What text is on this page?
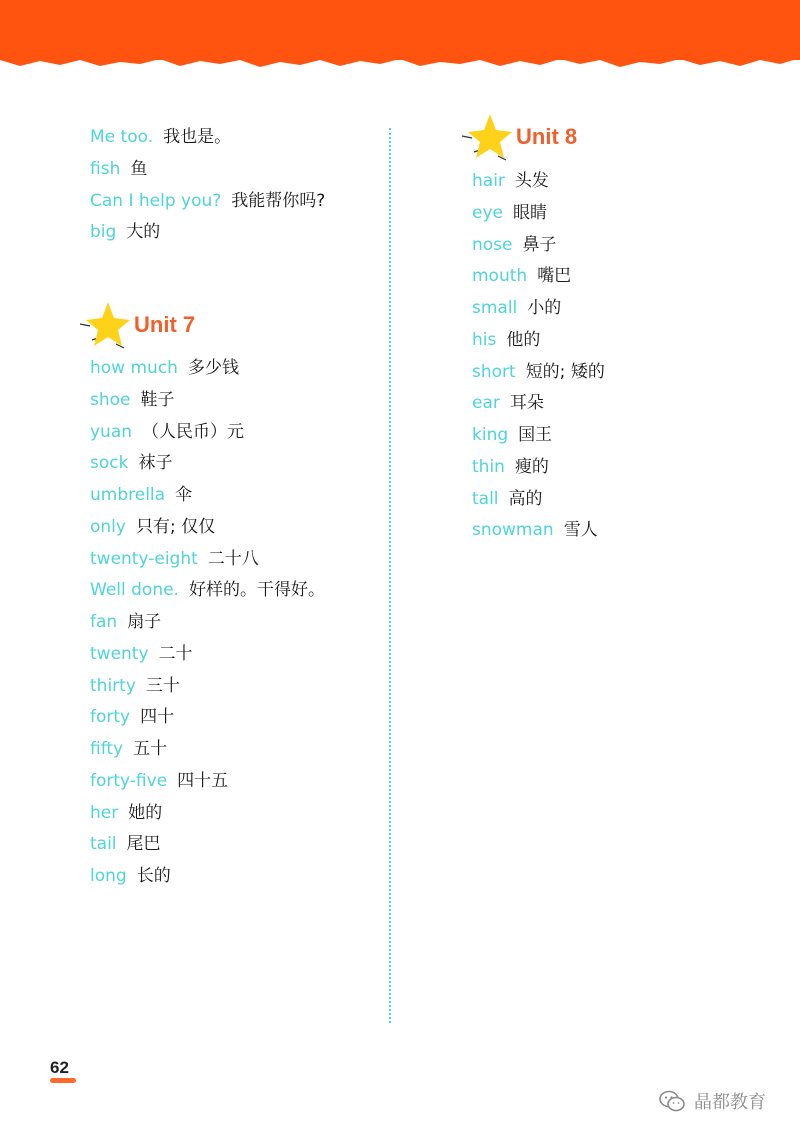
Me too. 我也是。
fish 鱼
Can I help you? 我能帮你吗?
big 大的
Unit 7
how much 多少钱
shoe 鞋子
yuan （人民币）元
sock 袜子
umbrella 伞
only 只有; 仅仅
twenty-eight 二十八
Well done. 好样的。干得好。
fan 扇子
twenty 二十
thirty 三十
forty 四十
fifty 五十
forty-five 四十五
her 她的
tail 尾巴
long 长的
Unit 8
hair 头发
eye 眼睛
nose 鼻子
mouth 嘴巴
small 小的
his 他的
short 短的; 矮的
ear 耳朵
king 国王
thin 瘦的
tall 高的
snowman 雪人
62
晶都教育
